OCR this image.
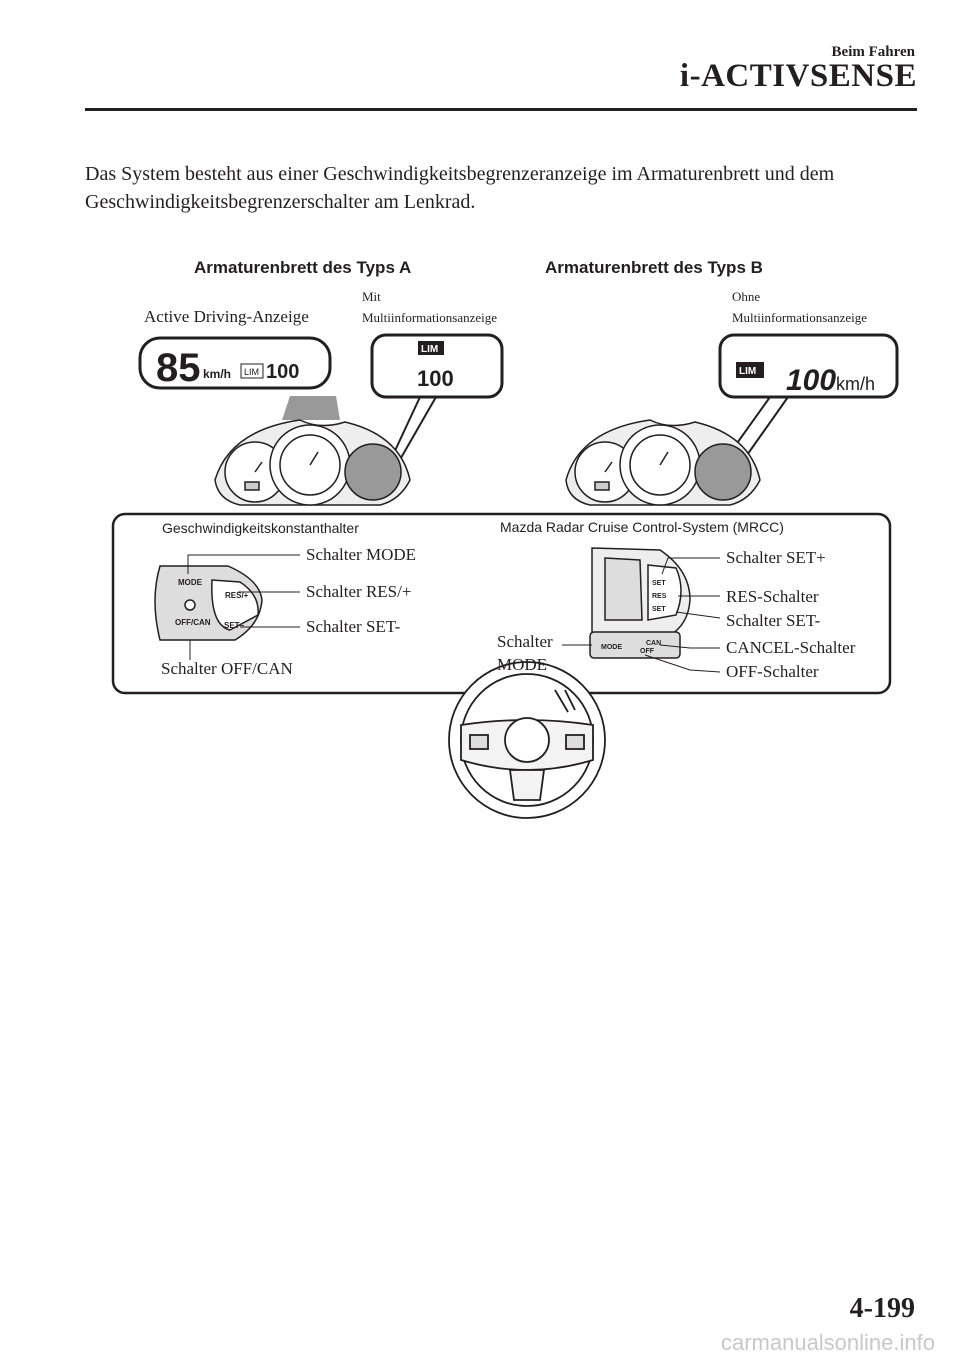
Beim Fahren
i-ACTIVSENSE
Das System besteht aus einer Geschwindigkeitsbegrenzeranzeige im Armaturenbrett und dem Geschwindigkeitsbegrenzerschalter am Lenkrad.
Armaturenbrett des Typs A	Armaturenbrett des Typs B
Active Driving-Anzeige
Mit
Multiinformationsanzeige
Ohne
Multiinformationsanzeige
85 km/h LIM 100
LIM
100	LIM 100 km/h
MODE
RES/+
SET−
OFF/CAN
SET
RES
SET
MODE
CAN
OFF
Geschwindigkeitskonstanthalter	Mazda Radar Cruise Control-System (MRCC)
Schalter MODE
Schalter RES/+
Schalter SET-
Schalter OFF/CAN
Schalter SET+
RES-Schalter
Schalter SET-
CANCEL-Schalter
OFF-Schalter
Schalter
MODE
4-199
carmanualsonline.info
